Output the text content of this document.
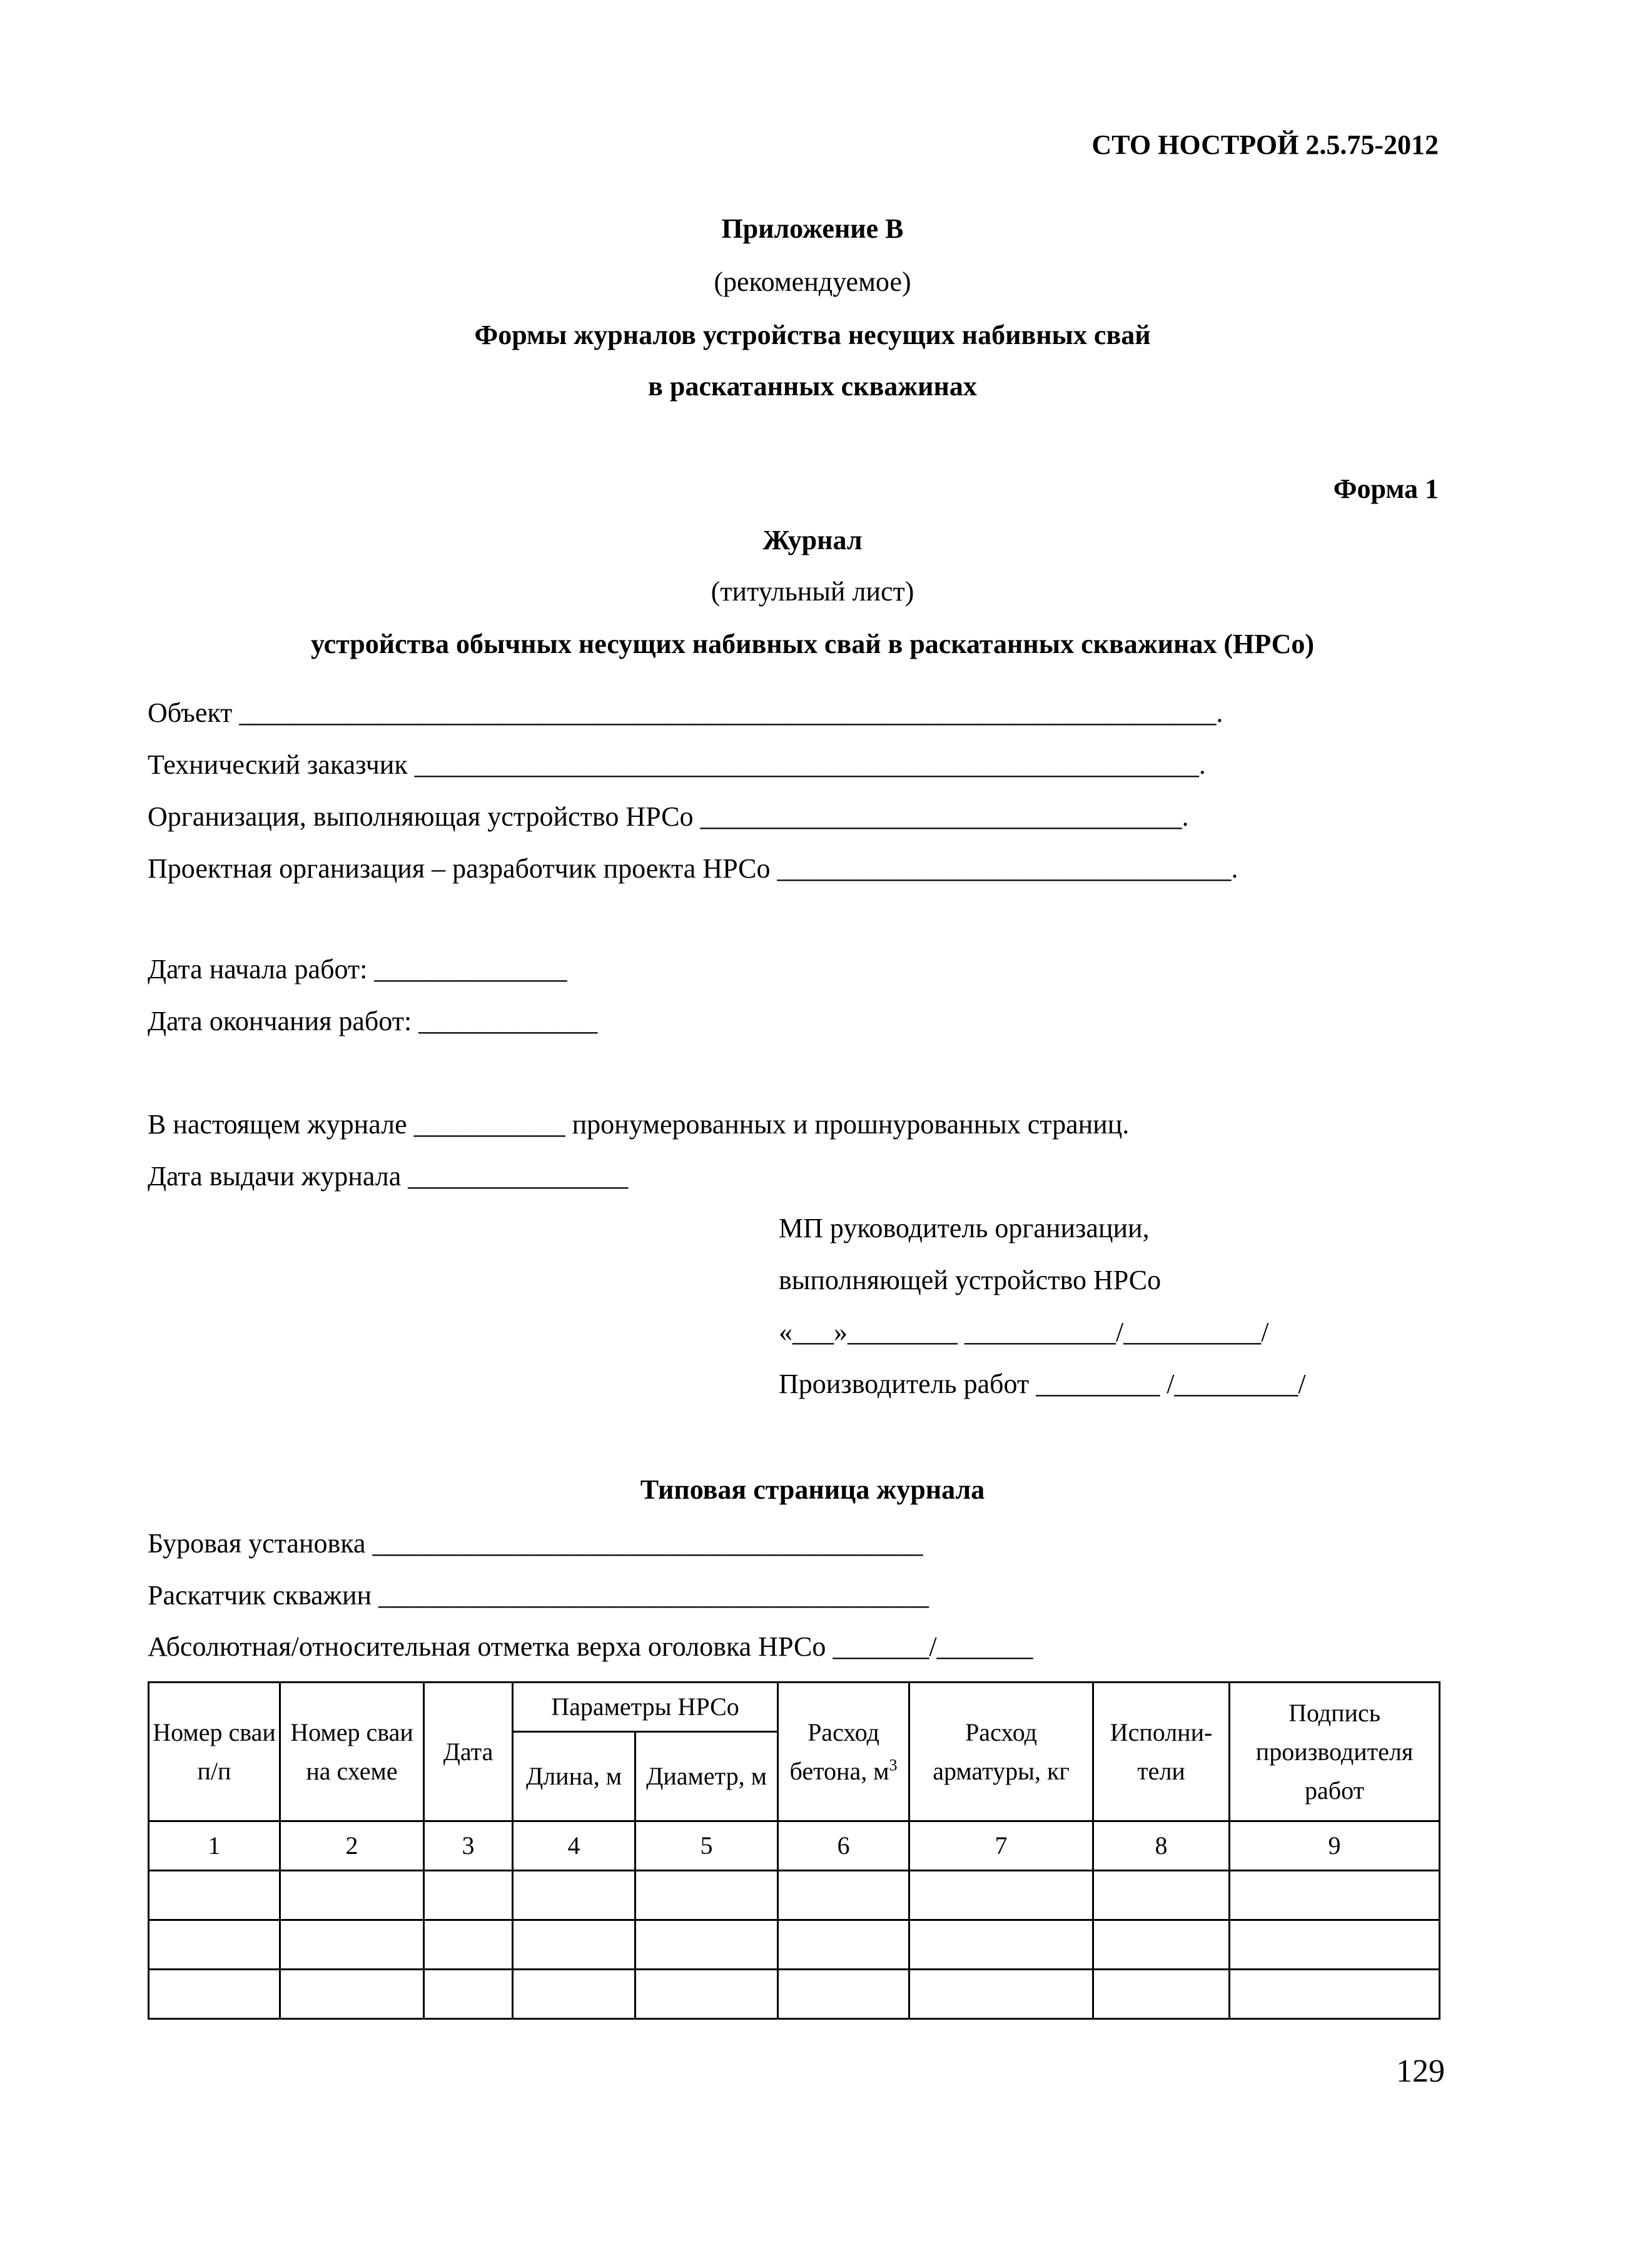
СТО НОСТРОЙ 2.5.75-2012
Приложение В
(рекомендуемое)
Формы журналов устройства несущих набивных свай
в раскатанных скважинах
Форма 1
Журнал
(титульный лист)
устройства обычных несущих набивных свай в раскатанных скважинах (НРСо)
Объект _______________________________________________________________________.
Технический заказчик _________________________________________________________.
Организация, выполняющая устройство НРСо ___________________________________.
Проектная организация – разработчик проекта НРСо _________________________________.
Дата начала работ: ______________
Дата окончания работ: _____________
В настоящем журнале ___________ пронумерованных и прошнурованных страниц.
Дата выдачи журнала ________________
МП руководитель организации,
выполняющей устройство НРСо
«___»________ ___________/__________/
Производитель работ _________ /_________/
Типовая страница журнала
Буровая установка ________________________________________
Раскатчик скважин ________________________________________
Абсолютная/относительная отметка верха оголовка НРСо _______/_______
Номер сваи п/п	Номер сваи на схеме	Дата	Параметры НРСо		Расход бетона, $м^3$	Расход арматуры, кг	Исполни-тели	Подпись производителя работ
			Длина, м	Диаметр, м				
1	2	3	4	5	6	7	8	9

129
